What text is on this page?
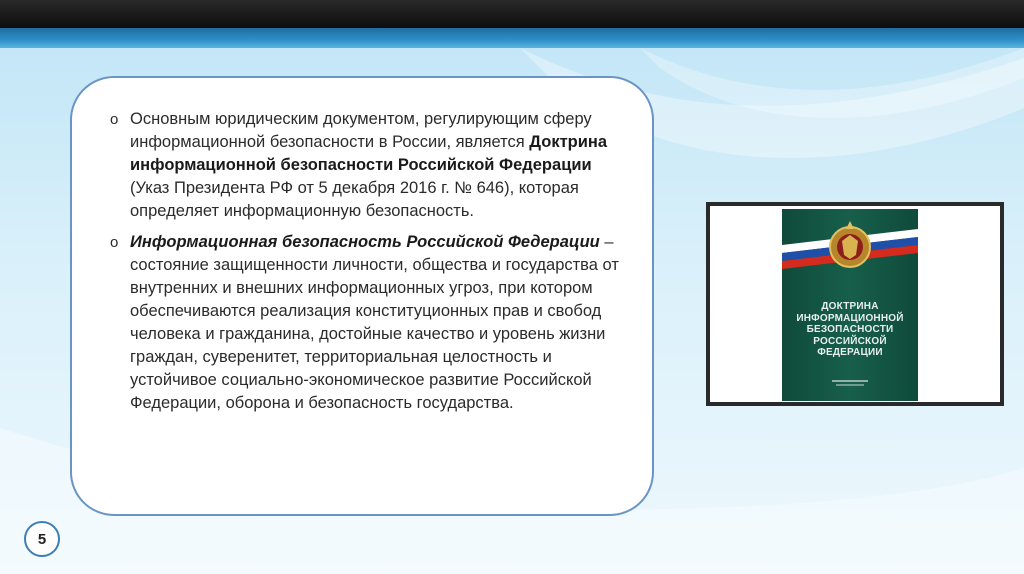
o Основным юридическим документом, регулирующим сферу информационной безопасности в России, является Доктрина информационной безопасности Российской Федерации (Указ Президента РФ от 5 декабря 2016 г. № 646), которая определяет информационную безопасность.
o Информационная безопасность Российской Федерации – состояние защищенности личности, общества и государства от внутренних и внешних информационных угроз, при котором обеспечиваются реализация конституционных прав и свобод человека и гражданина, достойные качество и уровень жизни граждан, суверенитет, территориальная целостность и устойчивое социально-экономическое развитие Российской Федерации, оборона и безопасность государства.
ДОКТРИНА
ИНФОРМАЦИОННОЙ
БЕЗОПАСНОСТИ
РОССИЙСКОЙ
ФЕДЕРАЦИИ
5
